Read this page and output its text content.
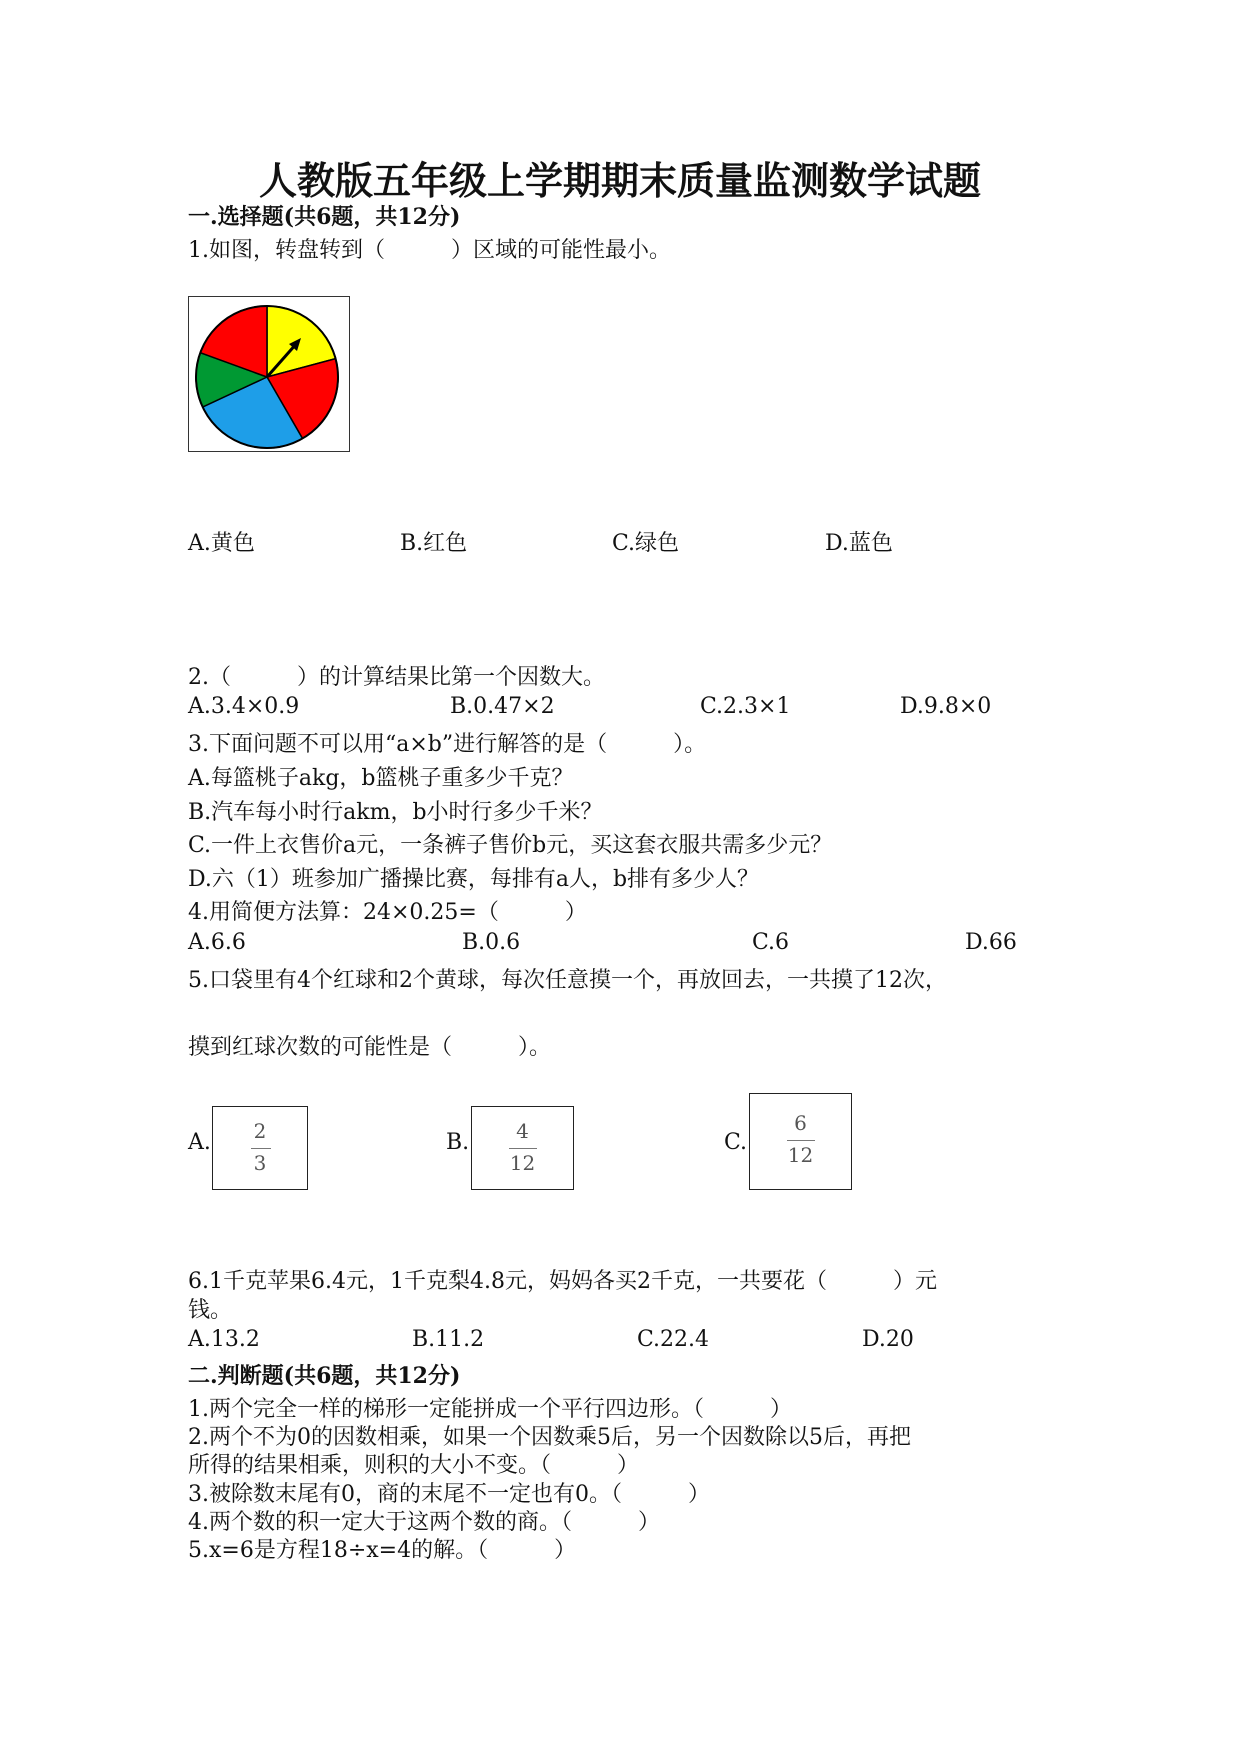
人教版五年级上学期期末质量监测数学试题
一.选择题(共6题，共12分)
1.如图，转盘转到（　　　）区域的可能性最小。
A.黄色	B.红色	C.绿色	D.蓝色
2.（　　　）的计算结果比第一个因数大。
A.3.4×0.9	B.0.47×2	C.2.3×1	D.9.8×0
3.下面问题不可以用“a×b”进行解答的是（　　　）。
A.每篮桃子akg，b篮桃子重多少千克？
B.汽车每小时行akm，b小时行多少千米？
C.一件上衣售价a元，一条裤子售价b元，买这套衣服共需多少元？
D.六（1）班参加广播操比赛，每排有a人，b排有多少人？
4.用简便方法算：24×0.25=（　　　）
A.6.6	B.0.6	C.6	D.66
5.口袋里有4个红球和2个黄球，每次任意摸一个，再放回去，一共摸了12次，
摸到红球次数的可能性是（　　　）。
A.	2
3
B.	4
12
C.
6
12
6.1千克苹果6.4元，1千克梨4.8元，妈妈各买2千克，一共要花（　　　）元
钱。
A.13.2	B.11.2	C.22.4	D.20
二.判断题(共6题，共12分)
1.两个完全一样的梯形一定能拼成一个平行四边形。（　　　）
2.两个不为0的因数相乘，如果一个因数乘5后，另一个因数除以5后，再把
所得的结果相乘，则积的大小不变。（　　　）
3.被除数末尾有0，商的末尾不一定也有0。（　　　）
4.两个数的积一定大于这两个数的商。（　　　）
5.x=6是方程18÷x=4的解。（　　　）
